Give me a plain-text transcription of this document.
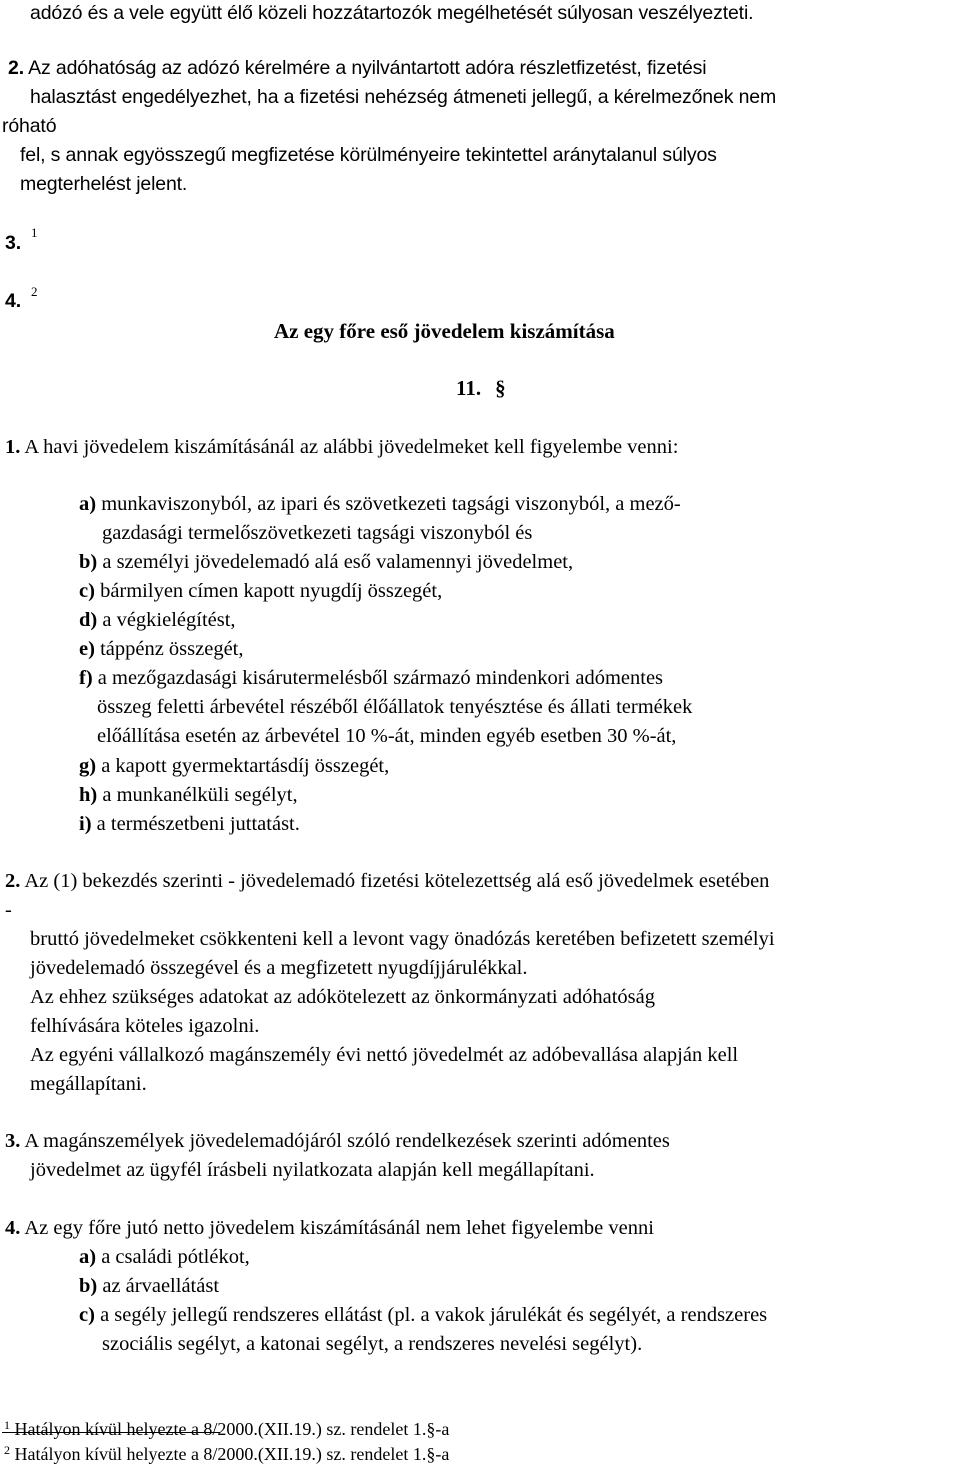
adózó és a vele együtt élő közeli hozzátartozók megélhetését súlyosan veszélyezteti.
2. Az adóhatóság az adózó kérelmére a nyilvántartott adóra részletfizetést, fizetési
halasztást engedélyezhet, ha a fizetési nehézség átmeneti jellegű, a kérelmezőnek nem
róható
fel, s annak egyösszegű megfizetése körülményeire tekintettel aránytalanul súlyos
megterhelést jelent.
3. 1
4. 2
Az egy főre eső jövedelem kiszámítása
11. §
1. A havi jövedelem kiszámításánál az alábbi jövedelmeket kell figyelembe venni:
a) munkaviszonyból, az ipari és szövetkezeti tagsági viszonyból, a mező-
gazdasági termelőszövetkezeti tagsági viszonyból és
b) a személyi jövedelemadó alá eső valamennyi jövedelmet,
c) bármilyen címen kapott nyugdíj összegét,
d) a végkielégítést,
e) táppénz összegét,
f) a mezőgazdasági kisárutermelésből származó mindenkori adómentes
összeg feletti árbevétel részéből élőállatok tenyésztése és állati termékek
előállítása esetén az árbevétel 10 %-át, minden egyéb esetben 30 %-át,
g) a kapott gyermektartásdíj összegét,
h) a munkanélküli segélyt,
i) a természetbeni juttatást.
2. Az (1) bekezdés szerinti - jövedelemadó fizetési kötelezettség alá eső jövedelmek esetében
-
bruttó jövedelmeket csökkenteni kell a levont vagy önadózás keretében befizetett személyi
jövedelemadó összegével és a megfizetett nyugdíjjárulékkal.
Az ehhez szükséges adatokat az adókötelezett az önkormányzati adóhatóság
felhívására köteles igazolni.
Az egyéni vállalkozó magánszemély évi nettó jövedelmét az adóbevallása alapján kell
megállapítani.
3. A magánszemélyek jövedelemadójáról szóló rendelkezések szerinti adómentes
jövedelmet az ügyfél írásbeli nyilatkozata alapján kell megállapítani.
4. Az egy főre jutó netto jövedelem kiszámításánál nem lehet figyelembe venni
a) a családi pótlékot,
b) az árvaellátást
c) a segély jellegű rendszeres ellátást (pl. a vakok járulékát és segélyét, a rendszeres
szociális segélyt, a katonai segélyt, a rendszeres nevelési segélyt).
$^1$ Hatályon kívül helyezte a 8/2000.(XII.19.) sz. rendelet 1.§-a
$^2$ Hatályon kívül helyezte a 8/2000.(XII.19.) sz. rendelet 1.§-a
